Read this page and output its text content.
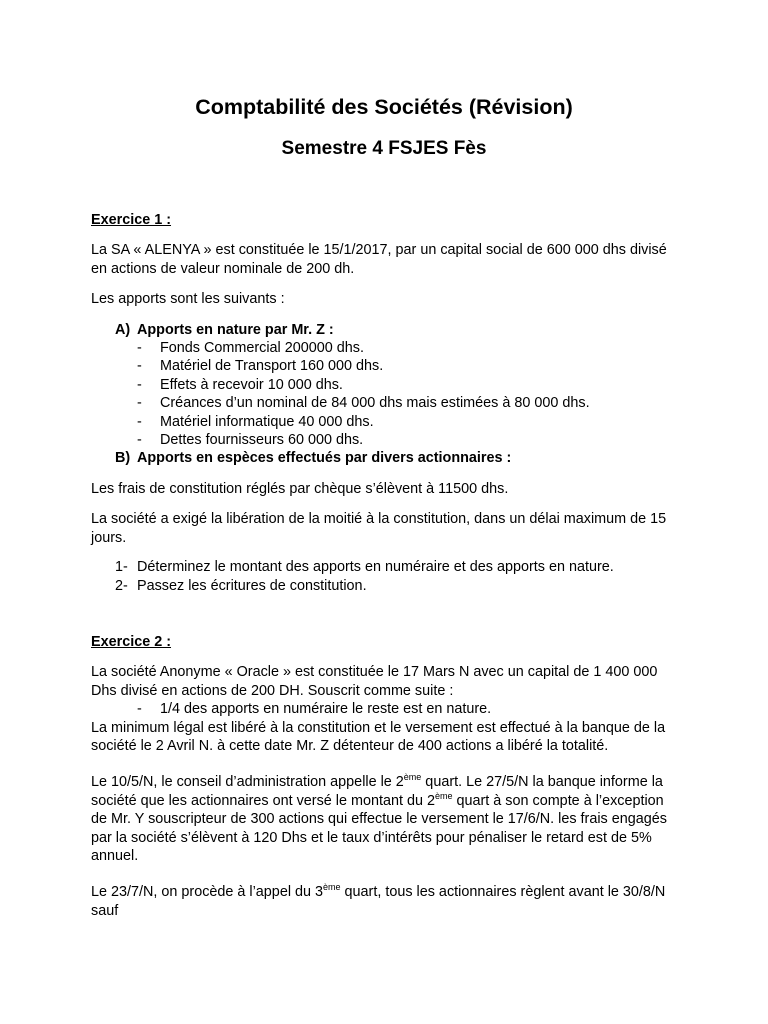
Comptabilité des Sociétés (Révision)
Semestre 4 FSJES Fès

Exercice 1 :

La SA « ALENYA » est constituée le 15/1/2017, par un capital social de 600 000 dhs divisé en actions de valeur nominale de 200 dh.

Les apports sont les suivants :

A) Apports en nature par Mr. Z :
-	Fonds Commercial 200000 dhs.
-	Matériel de Transport 160 000 dhs.
-	Effets à recevoir 10 000 dhs.
-	Créances d’un nominal de 84 000 dhs mais estimées à 80 000 dhs.
-	Matériel informatique 40 000 dhs.
-	Dettes fournisseurs 60 000 dhs.
B) Apports en espèces effectués par divers actionnaires :

Les frais de constitution réglés par chèque s’élèvent à 11500 dhs.

La société a exigé la libération de la moitié à la constitution, dans un délai maximum de 15 jours.

1- Déterminez le montant des apports en numéraire et des apports en nature.
2- Passez les écritures de constitution.

Exercice 2 :

La société Anonyme « Oracle » est constituée le 17 Mars N avec un capital de 1 400 000 Dhs divisé en actions de 200 DH. Souscrit comme suite :

-	1/4 des apports en numéraire le reste est en nature.

La minimum légal est libéré à la constitution et le versement est effectué à la banque de la société le 2 Avril N. à cette date Mr. Z détenteur de 400 actions a libéré la totalité.

Le 10/5/N, le conseil d’administration appelle le 2ème quart. Le 27/5/N la banque informe la société que les actionnaires ont versé le montant du 2ème quart à son compte à l’exception de Mr. Y souscripteur de 300 actions qui effectue le versement le 17/6/N. les frais engagés par la société s’élèvent à 120 Dhs et le taux d’intérêts pour pénaliser le retard est de 5% annuel.

Le 23/7/N, on procède à l’appel du 3ème quart, tous les actionnaires règlent avant le 30/8/N sauf
